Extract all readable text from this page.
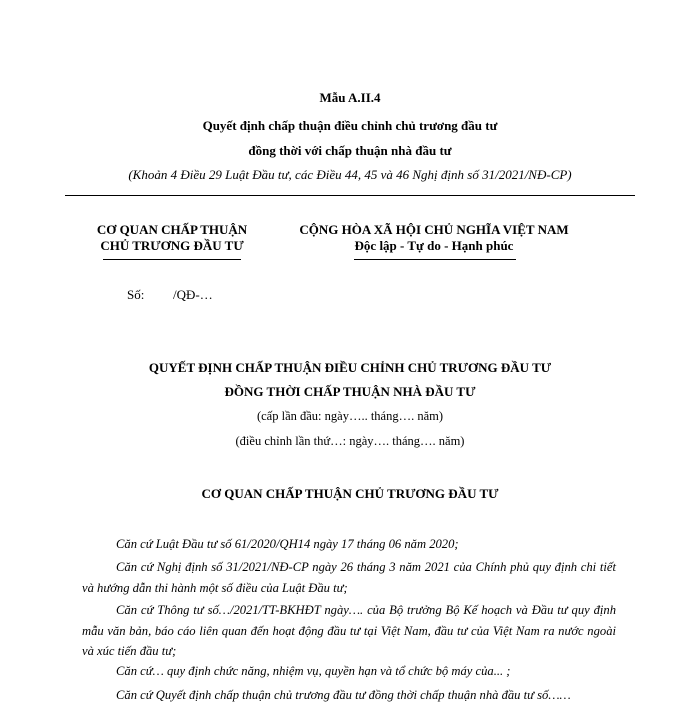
Mẫu A.II.4
Quyết định chấp thuận điều chỉnh chủ trương đầu tư
đồng thời với chấp thuận nhà đầu tư
(Khoản 4 Điều 29 Luật Đầu tư, các Điều 44, 45 và 46 Nghị định số 31/2021/NĐ-CP)
CƠ QUAN CHẤP THUẬN
CHỦ TRƯƠNG ĐẦU TƯ
CỘNG HÒA XÃ HỘI CHỦ NGHĨA VIỆT NAM
Độc lập - Tự do - Hạnh phúc
Số: /QĐ-…
QUYẾT ĐỊNH CHẤP THUẬN ĐIỀU CHỈNH CHỦ TRƯƠNG ĐẦU TƯ
ĐỒNG THỜI CHẤP THUẬN NHÀ ĐẦU TƯ
(cấp lần đầu: ngày….. tháng…. năm)
(điều chỉnh lần thứ…: ngày…. tháng…. năm)
CƠ QUAN CHẤP THUẬN CHỦ TRƯƠNG ĐẦU TƯ
Căn cứ Luật Đầu tư số 61/2020/QH14 ngày 17 tháng 06 năm 2020;
Căn cứ Nghị định số 31/2021/NĐ-CP ngày 26 tháng 3 năm 2021 của Chính phủ quy định chi tiết và hướng dẫn thi hành một số điều của Luật Đầu tư;
Căn cứ Thông tư số…/2021/TT-BKHĐT ngày…. của Bộ trưởng Bộ Kế hoạch và Đầu tư quy định mẫu văn bản, báo cáo liên quan đến hoạt động đầu tư tại Việt Nam, đầu tư của Việt Nam ra nước ngoài và xúc tiến đầu tư;
Căn cứ… quy định chức năng, nhiệm vụ, quyền hạn và tổ chức bộ máy của... ;
Căn cứ Quyết định chấp thuận chủ trương đầu tư đồng thời chấp thuận nhà đầu tư số……
